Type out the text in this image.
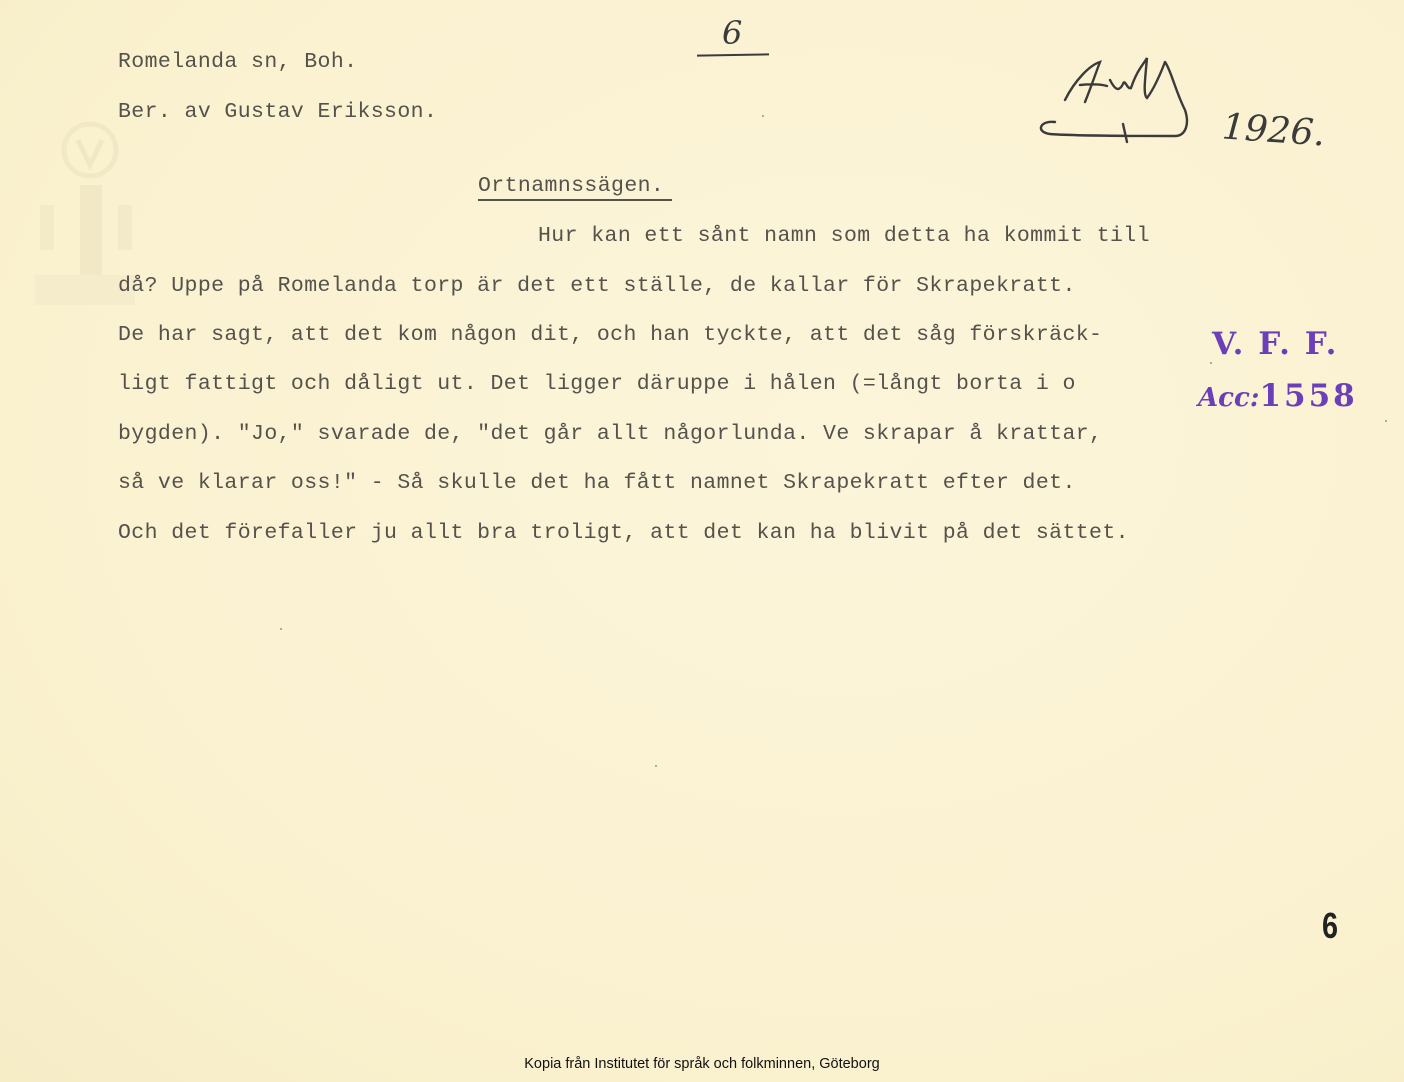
Romelanda sn, Boh.
Ber. av Gustav Eriksson.
6
1926.
Ortnamnssägen.
Hur kan ett sånt namn som detta ha kommit till
då? Uppe på Romelanda torp är det ett ställe, de kallar för Skrapekratt.
De har sagt, att det kom någon dit, och han tyckte, att det såg förskräck-
ligt fattigt och dåligt ut. Det ligger däruppe i hålen (=långt borta i o
bygden). "Jo," svarade de, "det går allt någorlunda. Ve skrapar å krattar,
så ve klarar oss!" - Så skulle det ha fått namnet Skrapekratt efter det.
Och det förefaller ju allt bra troligt, att det kan ha blivit på det sättet.
V. F. F.
Acc:1558
6
Kopia från Institutet för språk och folkminnen, Göteborg
